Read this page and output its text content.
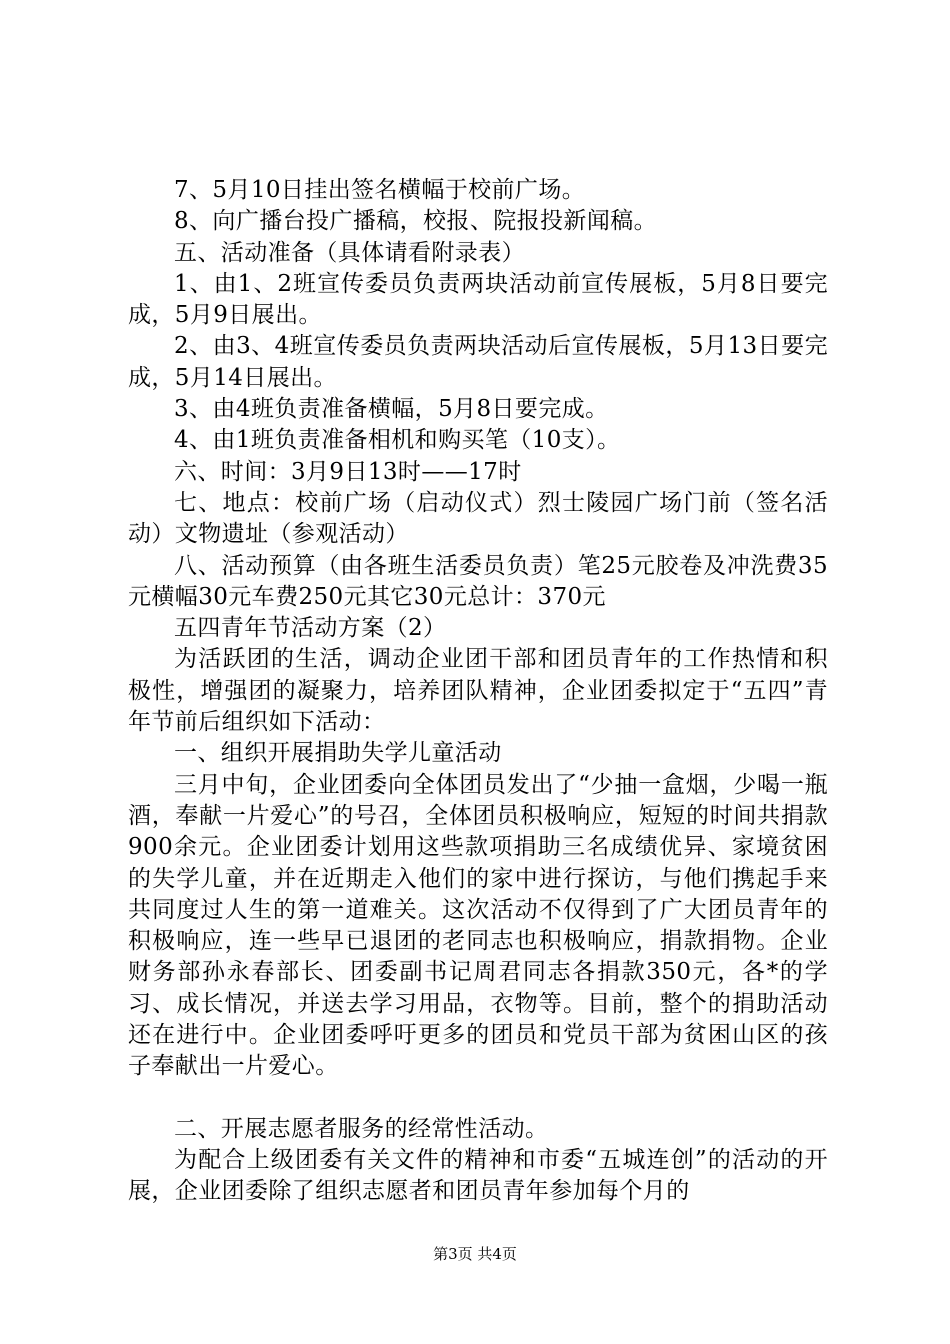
7、5月10日挂出签名横幅于校前广场。

8、向广播台投广播稿，校报、院报投新闻稿。

五、活动准备（具体请看附录表）

1、由1、2班宣传委员负责两块活动前宣传展板，5月8日要完成，5月9日展出。

2、由3、4班宣传委员负责两块活动后宣传展板，5月13日要完成，5月14日展出。

3、由4班负责准备横幅，5月8日要完成。

4、由1班负责准备相机和购买笔（10支）。

六、时间：3月9日13时——17时

七、地点：校前广场（启动仪式）烈士陵园广场门前（签名活动）文物遗址（参观活动）

八、活动预算（由各班生活委员负责）笔25元胶卷及冲洗费35元横幅30元车费250元其它30元总计：370元

五四青年节活动方案（2）

为活跃团的生活，调动企业团干部和团员青年的工作热情和积极性，增强团的凝聚力，培养团队精神，企业团委拟定于“五四”青年节前后组织如下活动：

一、组织开展捐助失学儿童活动

三月中旬，企业团委向全体团员发出了“少抽一盒烟，少喝一瓶酒，奉献一片爱心”的号召，全体团员积极响应，短短的时间共捐款900余元。企业团委计划用这些款项捐助三名成绩优异、家境贫困的失学儿童，并在近期走入他们的家中进行探访，与他们携起手来共同度过人生的第一道难关。这次活动不仅得到了广大团员青年的积极响应，连一些早已退团的老同志也积极响应，捐款捐物。企业财务部孙永春部长、团委副书记周君同志各捐款350元，各*的学习、成长情况，并送去学习用品，衣物等。目前，整个的捐助活动还在进行中。企业团委呼吁更多的团员和党员干部为贫困山区的孩子奉献出一片爱心。

二、开展志愿者服务的经常性活动。

为配合上级团委有关文件的精神和市委“五城连创”的活动的开展，企业团委除了组织志愿者和团员青年参加每个月的

第3页 共4页
